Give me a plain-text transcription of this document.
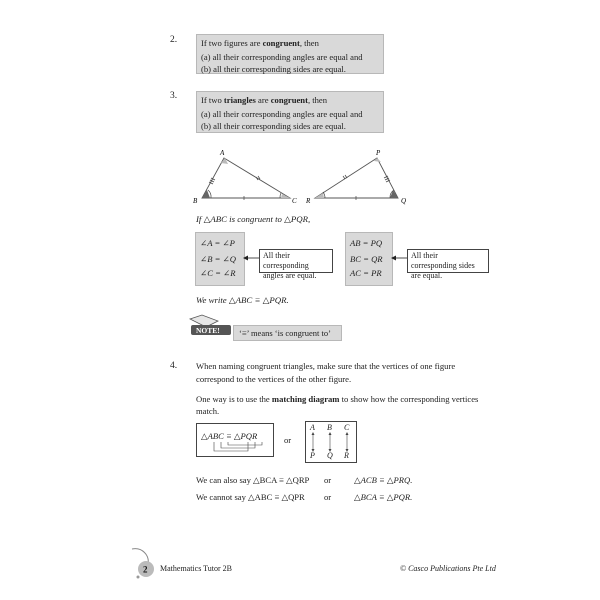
2.	If two figures are congruent, then
(a) all their corresponding angles are equal and
(b) all their corresponding sides are equal.
3.	If two triangles are congruent, then
(a) all their corresponding angles are equal and
(b) all their corresponding sides are equal.
A
B	C
P
Q
R
If △ABC is congruent to △PQR,
∠A = ∠P
∠B = ∠Q
∠C = ∠R
All their corresponding angles are equal.
AB = PQ
BC = QR
AC = PR
All their corresponding sides are equal.
We write △ABC ≡ △PQR.
NOTE!	‘≡’ means ‘is congruent to’
4. When naming congruent triangles, make sure that the vertices of one figure
correspond to the vertices of the other figure.
One way is to use the matching diagram to show how the corresponding vertices
match.
△ABC ≡ △PQR	or
A B C
P Q R
We can also say △BCA ≡ △QRP or	△ACB ≡ △PRQ.
We cannot say △ABC ≡ △QPR or	△BCA ≡ △PQR.
2 Mathematics Tutor 2B	© Casco Publications Pte Ltd
